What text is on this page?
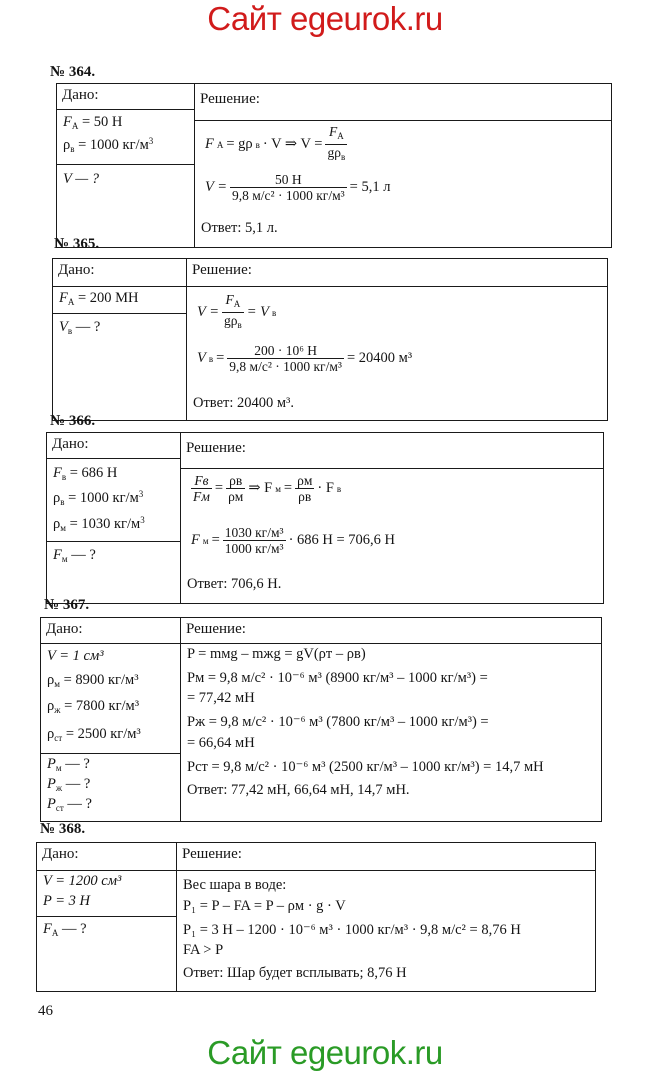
Сайт egeurok.ru
№ 364.
Дано:
$F_A = 50$ Н
$\rho_в = 1000$ $кг/м^3$
V — ?
Решение:
F A = gρ в · V ⇒ $V = \frac{F_A}{g\rho_в}$
$V = \frac{50 Н}{\text{9,8 м/с² · 1000 кг/м³}} = 5,1$ л
Ответ: 5,1 л.
№ 365.
Дано:
$F_A = 200$ МН
$V_в$ — ?
Решение:
$V = \frac{F_A}{g\rho_в} = V$ в
V $в = \frac{\text{200 · 10⁶ Н}}{\text{9,8 м/с² · 1000 кг/м³}} = 20400$ м³
Ответ: 20400 м³.
№ 366.
Дано:
$F_в = 686$ Н
$\rho_в = 1000$ $кг/м^3$
$\rho_м = 1030$ $кг/м^3$
$F_м$ — ?
Решение:
$\frac{Fв}{Fм} = \frac{\rho в}{\rho м}$ ⇒ F $м = \frac{\rho м}{\rho в} \cdot F$ в
F $м = \frac{\text{1030 кг/м³}}{\text{1000 кг/м³}} \cdot 686$ Н = 706,6 Н
Ответ: 706,6 Н.
№ 367.
Дано:
V = 1 см³
$\rho_м = 8900$ кг/м³
$\rho_ж = 7800$ кг/м³
$\rho_{ст} = 2500$ кг/м³
$P_м$ — ?
$P_ж$ — ?
$P_{ст}$ — ?
Решение:
P = mмg – mжg = gV(ρт – ρв)
Pм = 9,8 м/с² · 10⁻⁶ м³ (8900 кг/м³ – 1000 кг/м³) =
= 77,42 мН
Pж = 9,8 м/с² · 10⁻⁶ м³ (7800 кг/м³ – 1000 кг/м³) =
= 66,64 мН
Pст = 9,8 м/с² · 10⁻⁶ м³ (2500 кг/м³ – 1000 кг/м³) = 14,7 мН
Ответ: 77,42 мН, 66,64 мН, 14,7 мН.
№ 368.
Дано:
V = 1200 см³
P = 3 Н
$F_A$ — ?
Решение:
Вес шара в воде:
P₁ = P – FA = P – ρм · g · V
P₁ = 3 Н – 1200 · 10⁻⁶ м³ · 1000 кг/м³ · 9,8 м/с² = 8,76 Н
FA > P
Ответ: Шар будет всплывать; 8,76 Н
46
Сайт egeurok.ru
